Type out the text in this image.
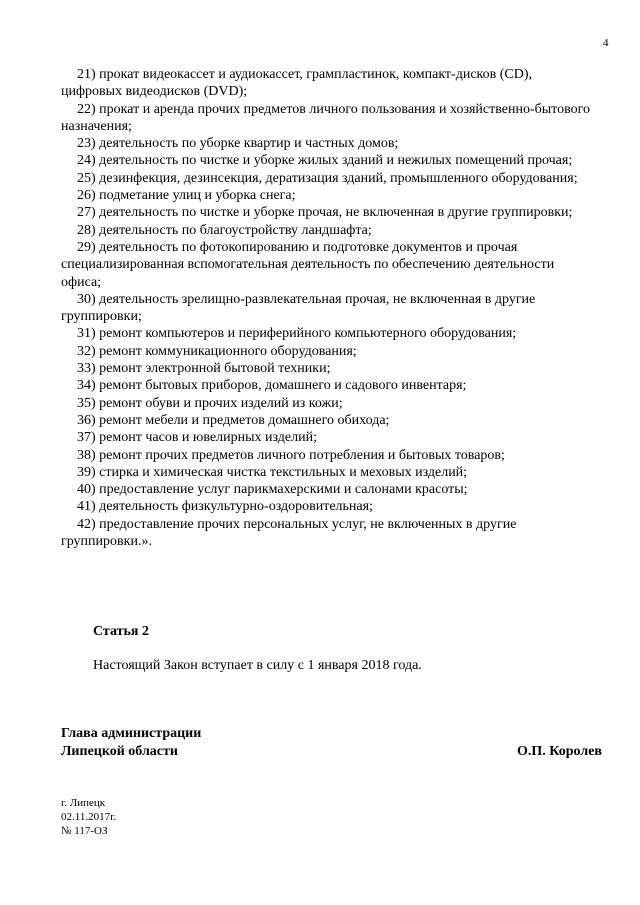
4

21) прокат видеокассет и аудиокассет, грампластинок, компакт-дисков (CD), цифровых видеодисков (DVD);

22) прокат и аренда прочих предметов личного пользования и хозяйственно-бытового назначения;

23) деятельность по уборке квартир и частных домов;

24) деятельность по чистке и уборке жилых зданий и нежилых помещений прочая;

25) дезинфекция, дезинсекция, дератизация зданий, промышленного оборудования;

26) подметание улиц и уборка снега;

27) деятельность по чистке и уборке прочая, не включенная в другие группировки;

28) деятельность по благоустройству ландшафта;

29) деятельность по фотокопированию и подготовке документов и прочая специализированная вспомогательная деятельность по обеспечению деятельности офиса;

30) деятельность зрелищно-развлекательная прочая, не включенная в другие группировки;

31) ремонт компьютеров и периферийного компьютерного оборудования;

32) ремонт коммуникационного оборудования;

33) ремонт электронной бытовой техники;

34) ремонт бытовых приборов, домашнего и садового инвентаря;

35) ремонт обуви и прочих изделий из кожи;

36) ремонт мебели и предметов домашнего обихода;

37) ремонт часов и ювелирных изделий;

38) ремонт прочих предметов личного потребления и бытовых товаров;

39) стирка и химическая чистка текстильных и меховых изделий;

40) предоставление услуг парикмахерскими и салонами красоты;

41) деятельность физкультурно-оздоровительная;

42) предоставление прочих персональных услуг, не включенных в другие группировки.».

Статья 2
Настоящий Закон вступает в силу с 1 января 2018 года.
Глава администрации
Липецкой области	О.П. Королев
г. Липецк
02.11.2017г.
№ 117-ОЗ
